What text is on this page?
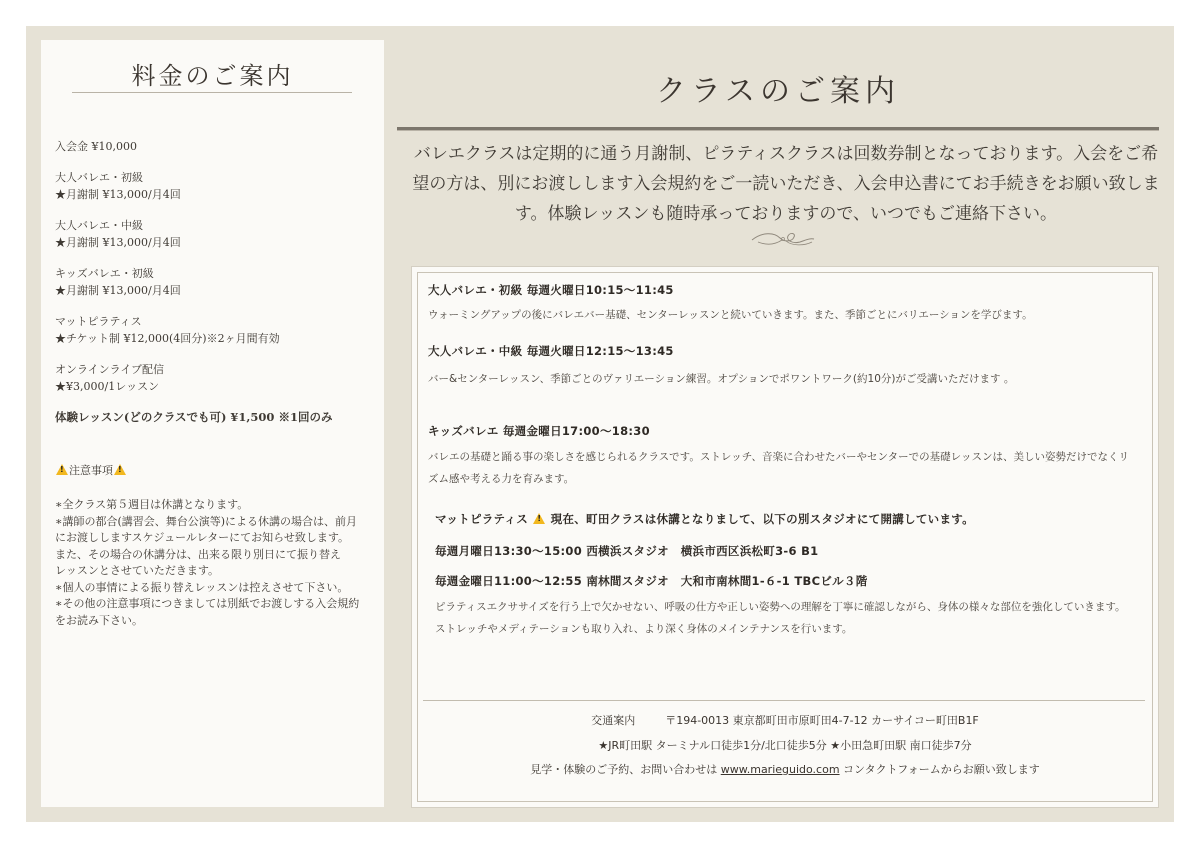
料金のご案内
入会金 ¥10,000
大人バレエ・初級
★月謝制 ¥13,000/月4回
大人バレエ・中級
★月謝制 ¥13,000/月4回
キッズバレエ・初級
★月謝制 ¥13,000/月4回
マットピラティス
★チケット制 ¥12,000(4回分)※2ヶ月間有効
オンラインライブ配信
★¥3,000/1レッスン
体験レッスン(どのクラスでも可) ¥1,500 ※1回のみ
!注意事項!
∗全クラス第５週目は休講となります。
∗講師の都合(講習会、舞台公演等)による休講の場合は、前月
にお渡ししますスケジュールレターにてお知らせ致します。
また、その場合の休講分は、出来る限り別日にて振り替え
レッスンとさせていただきます。
∗個人の事情による振り替えレッスンは控えさせて下さい。
∗その他の注意事項につきましては別紙でお渡しする入会規約
をお読み下さい。
クラスのご案内
バレエクラスは定期的に通う月謝制、ピラティスクラスは回数券制となっております。入会をご希望の方は、別にお渡しします入会規約をご一読いただき、入会申込書にてお手続きをお願い致します。体験レッスンも随時承っておりますので、いつでもご連絡下さい。
大人バレエ・初級 毎週火曜日10:15〜11:45
ウォーミングアップの後にバレエバー基礎、センターレッスンと続いていきます。また、季節ごとにバリエーションを学びます。
大人バレエ・中級 毎週火曜日12:15〜13:45
バー&センターレッスン、季節ごとのヴァリエーション練習。オプションでポワントワーク(約10分)がご受講いただけます 。
キッズバレエ 毎週金曜日17:00〜18:30
バレエの基礎と踊る事の楽しさを感じられるクラスです。ストレッチ、音楽に合わせたバーやセンターでの基礎レッスンは、美しい姿勢だけでなくリズム感や考える力を育みます。
マットピラティス ! 現在、町田クラスは休講となりまして、以下の別スタジオにて開講しています。
毎週月曜日13:30〜15:00 西横浜スタジオ　横浜市西区浜松町3-6 B1
毎週金曜日11:00〜12:55 南林間スタジオ　大和市南林間1-６-1 TBCビル３階
ピラティスエクササイズを行う上で欠かせない、呼吸の仕方や正しい姿勢への理解を丁寧に確認しながら、身体の様々な部位を強化していきます。ストレッチやメディテーションも取り入れ、より深く身体のメインテナンスを行います。
交通案内	〒194-0013 東京都町田市原町田4-7-12 カーサイコー町田B1F
★JR町田駅 ターミナル口徒歩1分/北口徒歩5分 ★小田急町田駅 南口徒歩7分
見学・体験のご予約、お問い合わせは www.marieguido.com コンタクトフォームからお願い致します
